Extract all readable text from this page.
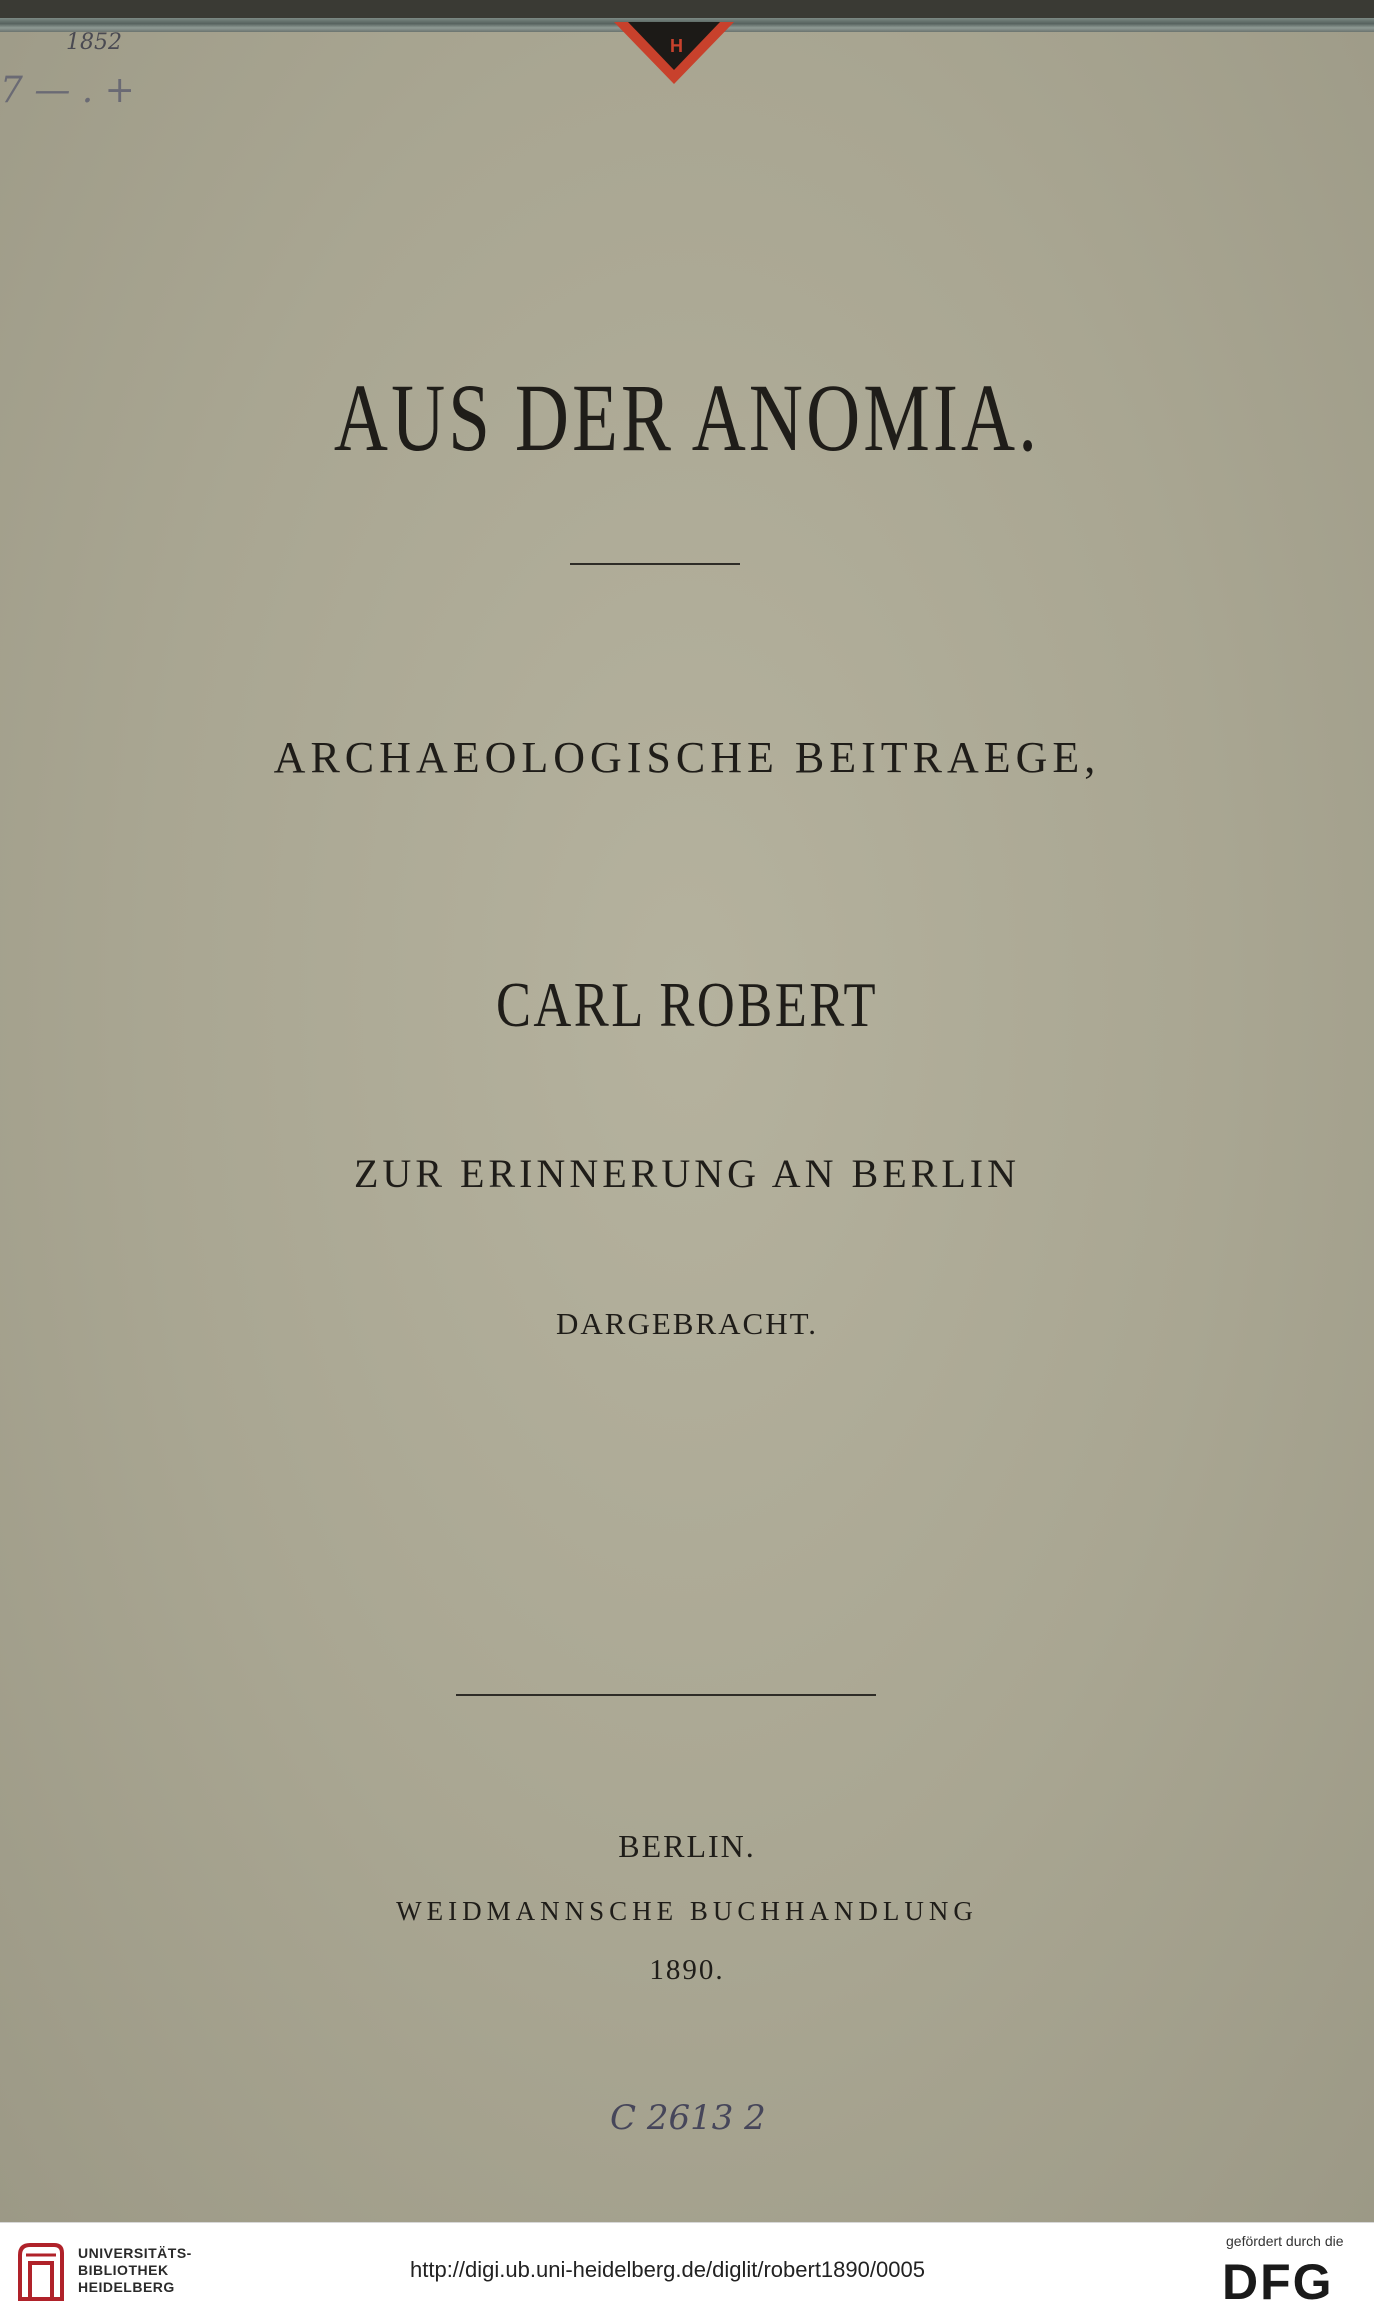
H
1852
7 — . +
AUS DER ANOMIA.
ARCHAEOLOGISCHE BEITRAEGE,
CARL ROBERT
ZUR ERINNERUNG AN BERLIN
DARGEBRACHT.
BERLIN.
WEIDMANNSCHE BUCHHANDLUNG
1890.
C 2613 2
UNIVERSITÄTS-
BIBLIOTHEK
HEIDELBERG
http://digi.ub.uni-heidelberg.de/diglit/robert1890/0005
gefördert durch die
DFG
